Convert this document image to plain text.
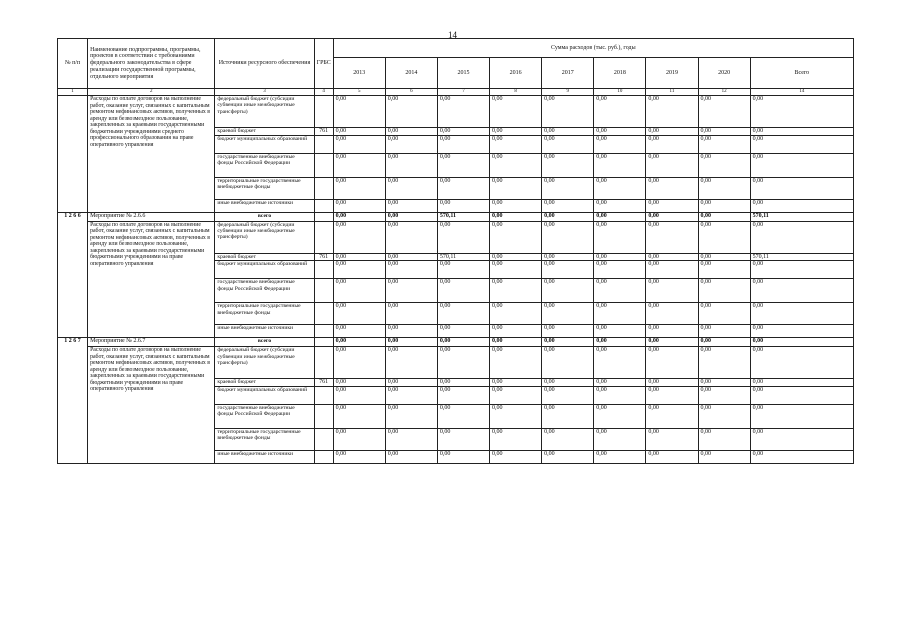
14
№ п/п	Наименование подпрограммы, программы, проектов в соответствии с требованиями федерального законодательства в сфере реализации государственной программы, отдельного мероприятия	Источники ресурсного обеспечения	ГРБС	Сумма расходов (тыс. руб.), годы								
				2013	2014	2015	2016	2017	2018	2019	2020	Всего
1	2	3	4	5	6	7	8	9	10	11	12	14
	Расходы по оплате договоров на выполнение работ, оказание услуг, связанных с капитальным ремонтом нефинансовых активов, полученных в аренду или безвозмездное пользование, закрепленных за краевыми государственными бюджетными учреждениями среднего профессионального образования на праве оперативного управления	федеральный бюджет (субсидии субвенции иные межбюджетные трансферты)		0,00	0,00	0,00	0,00	0,00	0,00	0,00	0,00	0,00
		краевой бюджет	761	0,00	0,00	0,00	0,00	0,00	0,00	0,00	0,00	0,00
		бюджет муниципальных образований		0,00	0,00	0,00	0,00	0,00	0,00	0,00	0,00	0,00
		государственные внебюджетные фонды Российской Федерации		0,00	0,00	0,00	0,00	0,00	0,00	0,00	0,00	0,00
		территориальные государственные внебюджетные фонды		0,00	0,00	0,00	0,00	0,00	0,00	0,00	0,00	0,00
		иные внебюджетные источники		0,00	0,00	0,00	0,00	0,00	0,00	0,00	0,00	0,00
1 2 6 6	Мероприятие № 2.6.6	всего		0,00	0,00	570,11	0,00	0,00	0,00	0,00	0,00	570,11
	Расходы по оплате договоров на выполнение работ, оказание услуг, связанных с капитальным ремонтом нефинансовых активов, полученных в аренду или безвозмездное пользование, закрепленных за краевыми государственными бюджетными учреждениями на праве оперативного управления	федеральный бюджет (субсидии субвенции иные межбюджетные трансферты)		0,00	0,00	0,00	0,00	0,00	0,00	0,00	0,00	0,00
		краевой бюджет	761	0,00	0,00	570,11	0,00	0,00	0,00	0,00	0,00	570,11
		бюджет муниципальных образований		0,00	0,00	0,00	0,00	0,00	0,00	0,00	0,00	0,00
		государственные внебюджетные фонды Российской Федерации		0,00	0,00	0,00	0,00	0,00	0,00	0,00	0,00	0,00
		территориальные государственные внебюджетные фонды		0,00	0,00	0,00	0,00	0,00	0,00	0,00	0,00	0,00
		иные внебюджетные источники		0,00	0,00	0,00	0,00	0,00	0,00	0,00	0,00	0,00
1 2 6 7	Мероприятие № 2.6.7	всего		0,00	0,00	0,00	0,00	0,00	0,00	0,00	0,00	0,00
	Расходы по оплате договоров на выполнение работ, оказание услуг, связанных с капитальным ремонтом нефинансовых активов, полученных в аренду или безвозмездное пользование, закрепленных за краевыми государственными бюджетными учреждениями на праве оперативного управления	федеральный бюджет (субсидии субвенции иные межбюджетные трансферты)		0,00	0,00	0,00	0,00	0,00	0,00	0,00	0,00	0,00
		краевой бюджет	761	0,00	0,00	0,00	0,00	0,00	0,00	0,00	0,00	0,00
		бюджет муниципальных образований		0,00	0,00	0,00	0,00	0,00	0,00	0,00	0,00	0,00
		государственные внебюджетные фонды Российской Федерации		0,00	0,00	0,00	0,00	0,00	0,00	0,00	0,00	0,00
		территориальные государственные внебюджетные фонды		0,00	0,00	0,00	0,00	0,00	0,00	0,00	0,00	0,00
		иные внебюджетные источники		0,00	0,00	0,00	0,00	0,00	0,00	0,00	0,00	0,00
